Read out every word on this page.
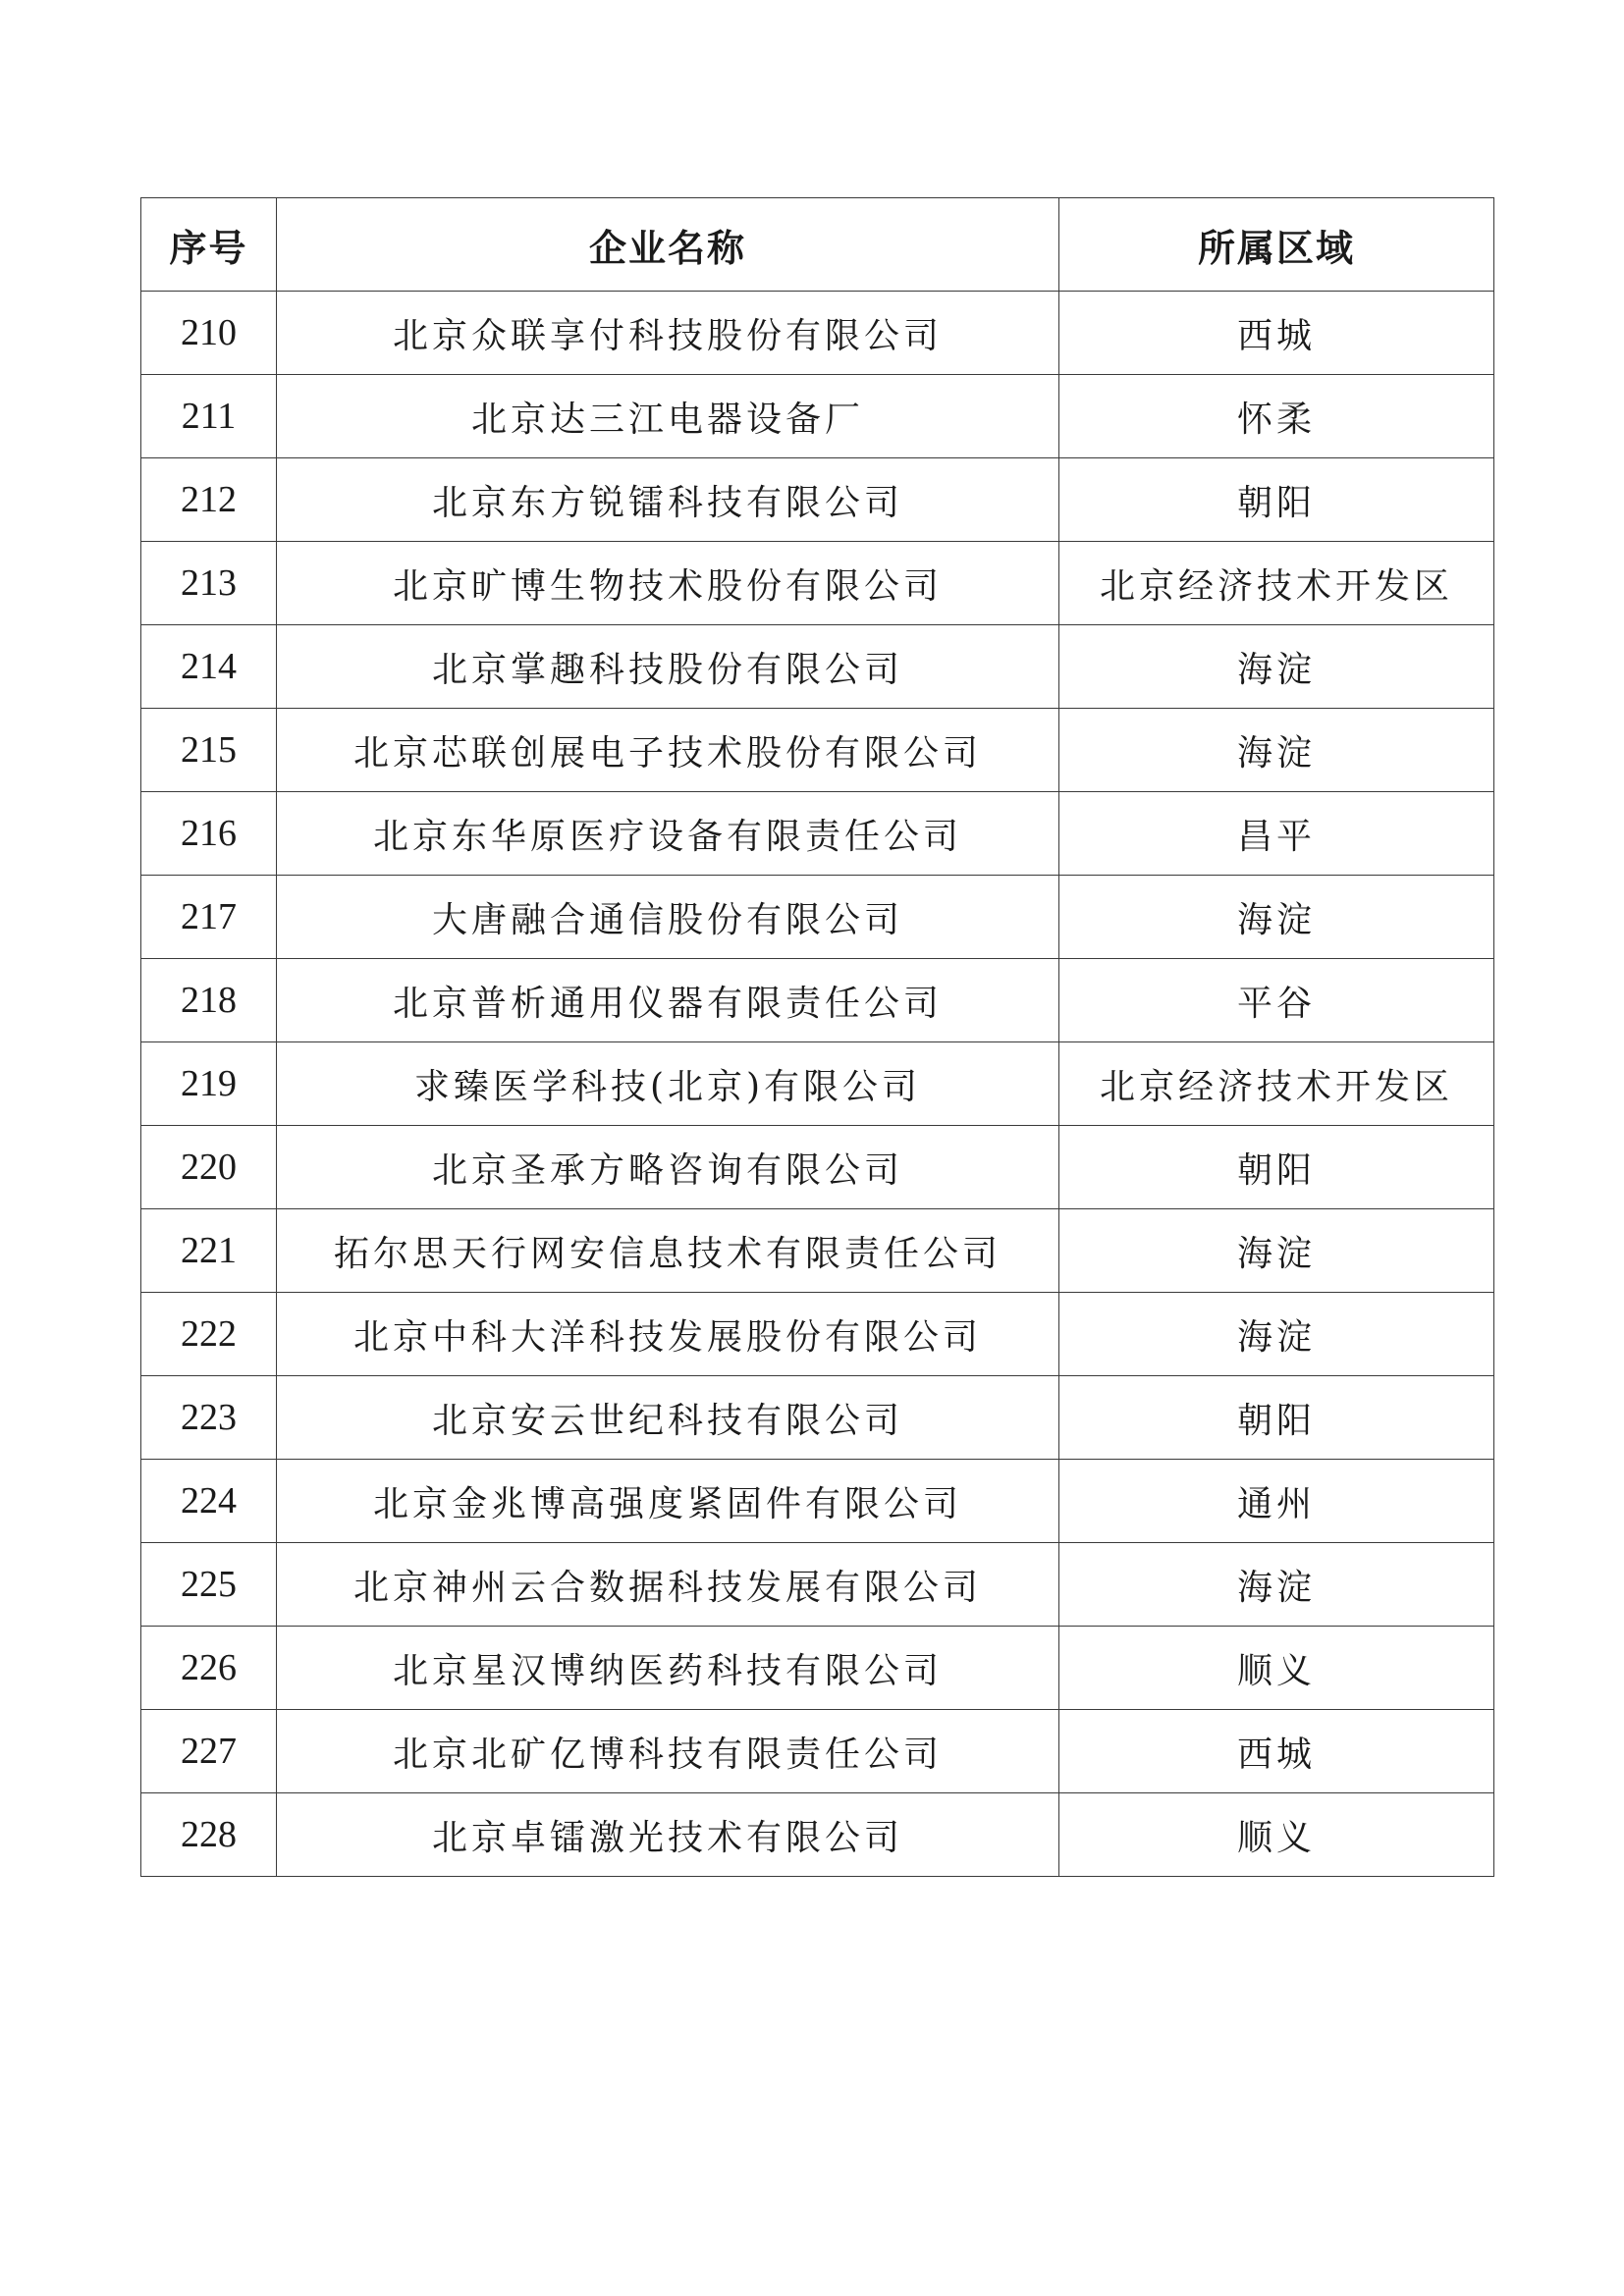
序号	企业名称	所属区域
210	北京众联享付科技股份有限公司	西城
211	北京达三江电器设备厂	怀柔
212	北京东方锐镭科技有限公司	朝阳
213	北京旷博生物技术股份有限公司	北京经济技术开发区
214	北京掌趣科技股份有限公司	海淀
215	北京芯联创展电子技术股份有限公司	海淀
216	北京东华原医疗设备有限责任公司	昌平
217	大唐融合通信股份有限公司	海淀
218	北京普析通用仪器有限责任公司	平谷
219	求臻医学科技(北京)有限公司	北京经济技术开发区
220	北京圣承方略咨询有限公司	朝阳
221	拓尔思天行网安信息技术有限责任公司	海淀
222	北京中科大洋科技发展股份有限公司	海淀
223	北京安云世纪科技有限公司	朝阳
224	北京金兆博高强度紧固件有限公司	通州
225	北京神州云合数据科技发展有限公司	海淀
226	北京星汉博纳医药科技有限公司	顺义
227	北京北矿亿博科技有限责任公司	西城
228	北京卓镭激光技术有限公司	顺义
